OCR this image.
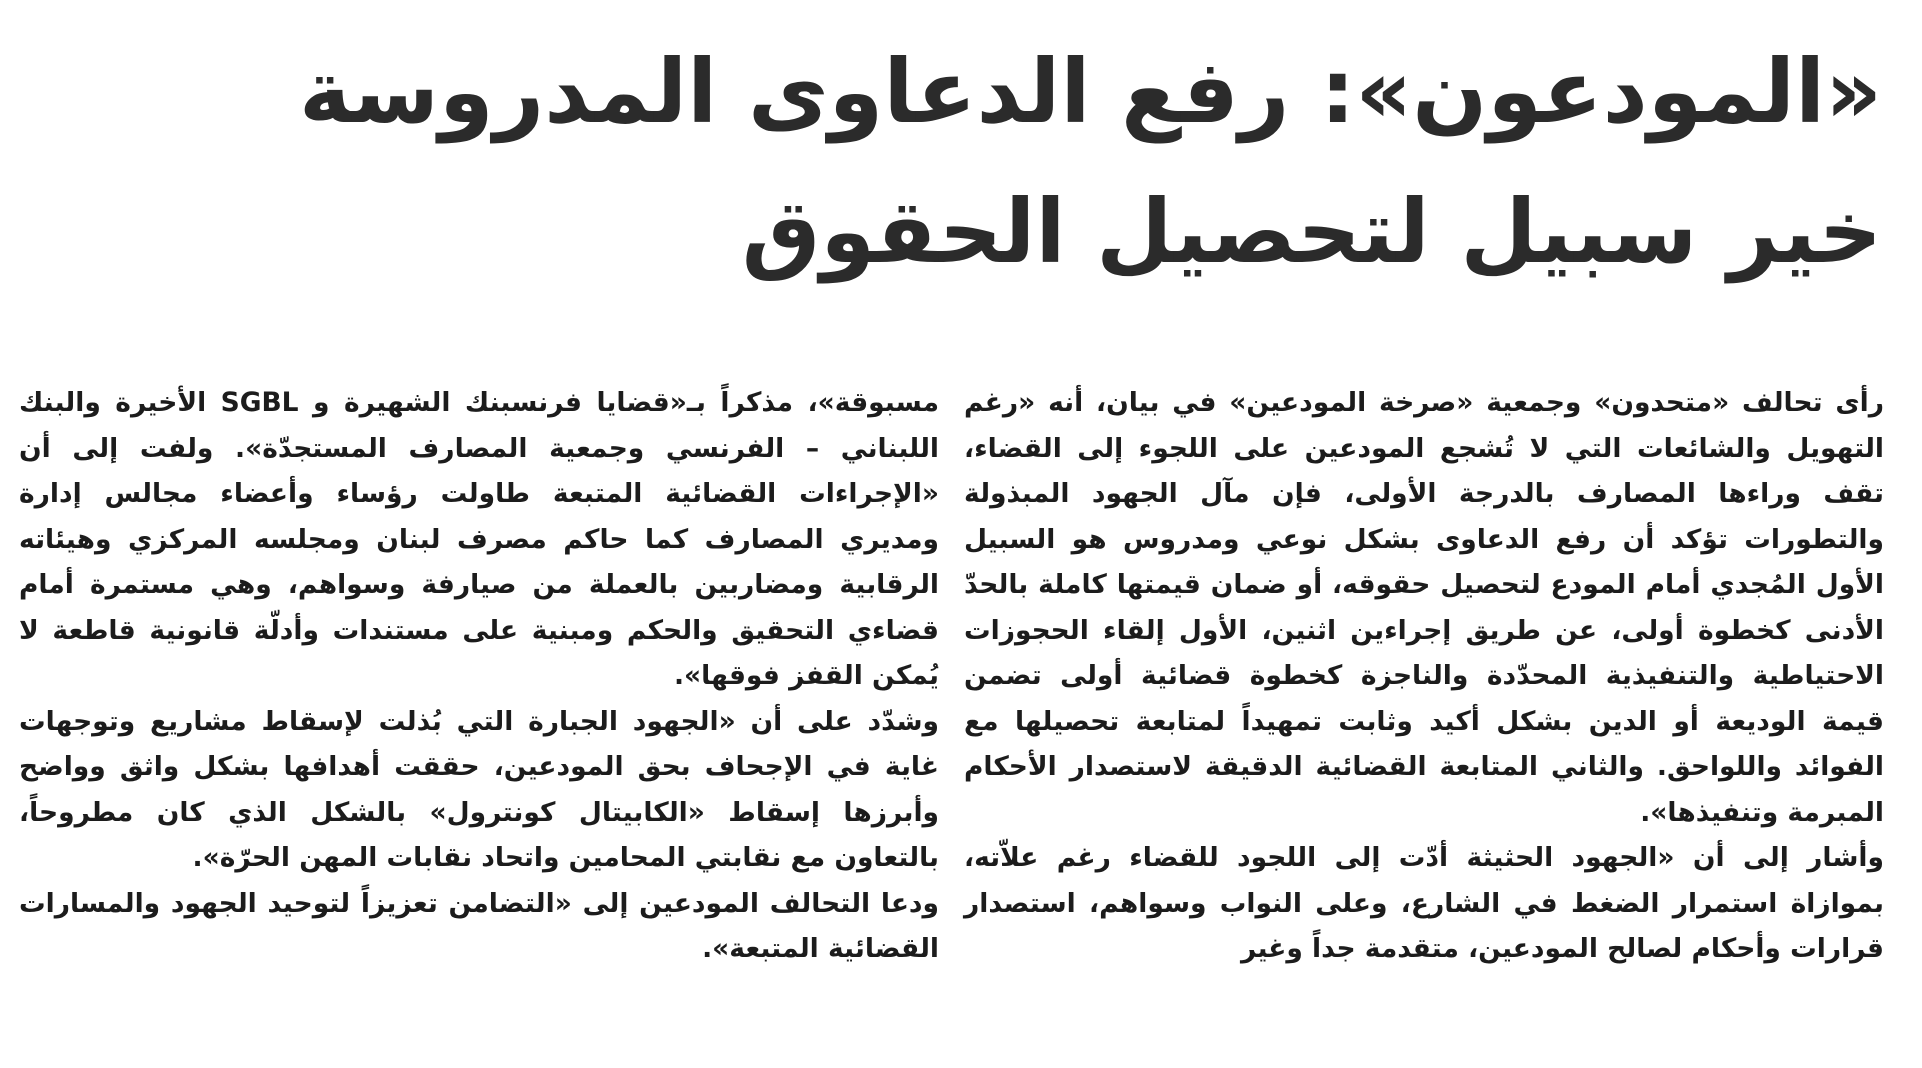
«المودعون»: رفع الدعاوى المدروسة
خير سبيل لتحصيل الحقوق

رأى تحالف «متحدون» وجمعية «صرخة المودعين» في بيان، أنه «رغم التهويل والشائعات التي لا تُشجع المودعين على اللجوء إلى القضاء، تقف وراءها المصارف بالدرجة الأولى، فإن مآل الجهود المبذولة والتطورات تؤكد أن رفع الدعاوى بشكل نوعي ومدروس هو السبيل الأول المُجدي أمام المودع لتحصيل حقوقه، أو ضمان قيمتها كاملة بالحدّ الأدنى كخطوة أولى، عن طريق إجراءين اثنين، الأول إلقاء الحجوزات الاحتياطية والتنفيذية المحدّدة والناجزة كخطوة قضائية أولى تضمن قيمة الوديعة أو الدين بشكل أكيد وثابت تمهيداً لمتابعة تحصيلها مع الفوائد واللواحق. والثاني المتابعة القضائية الدقيقة لاستصدار الأحكام المبرمة وتنفيذها».

وأشار إلى أن «الجهود الحثيثة أدّت إلى اللجود للقضاء رغم علاّته، بموازاة استمرار الضغط في الشارع، وعلى النواب وسواهم، استصدار قرارات وأحكام لصالح المودعين، متقدمة جداً وغير

مسبوقة»، مذكراً بـ«قضايا فرنسبنك الشهيرة و SGBL الأخيرة والبنك اللبناني – الفرنسي وجمعية المصارف المستجدّة». ولفت إلى أن «الإجراءات القضائية المتبعة طاولت رؤساء وأعضاء مجالس إدارة ومديري المصارف كما حاكم مصرف لبنان ومجلسه المركزي وهيئاته الرقابية ومضاربين بالعملة من صيارفة وسواهم، وهي مستمرة أمام قضاءي التحقيق والحكم ومبنية على مستندات وأدلّة قانونية قاطعة لا يُمكن القفز فوقها».

وشدّد على أن «الجهود الجبارة التي بُذلت لإسقاط مشاريع وتوجهات غاية في الإجحاف بحق المودعين، حققت أهدافها بشكل واثق وواضح وأبرزها إسقاط «الكابيتال كونترول» بالشكل الذي كان مطروحاً، بالتعاون مع نقابتي المحامين واتحاد نقابات المهن الحرّة».

ودعا التحالف المودعين إلى «التضامن تعزيزاً لتوحيد الجهود والمسارات القضائية المتبعة».
